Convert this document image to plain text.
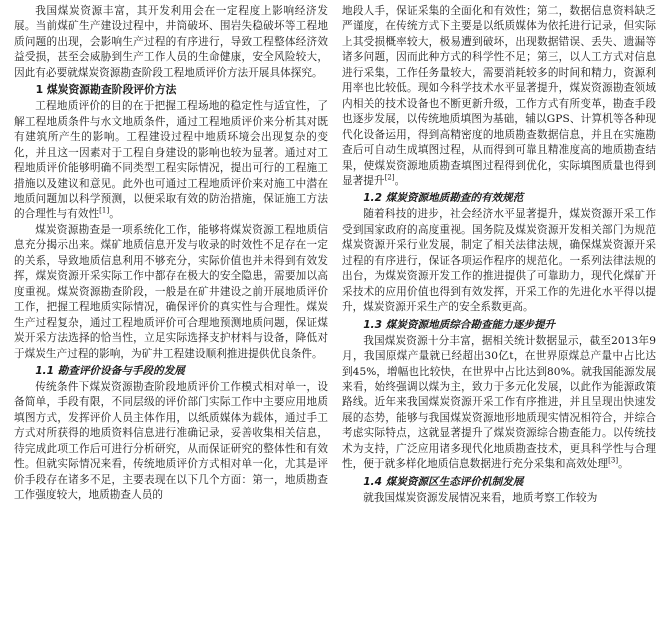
我国煤炭资源丰富，其开发利用会在一定程度上影响经济发展。当前煤矿生产建设过程中，井筒破坏、围岩失稳破坏等工程地质问题的出现，会影响生产过程的有序进行，导致工程整体经济效益受损，甚至会威胁到生产工作人员的生命健康，安全风险较大，因此有必要就煤炭资源勘查阶段工程地质评价方法开展具体探究。

1 煤炭资源勘查阶段评价方法

工程地质评价的目的在于把握工程场地的稳定性与适宜性，了解工程地质条件与水文地质条件，通过工程地质评价来分析其对既有建筑所产生的影响。工程建设过程中地质环境会出现复杂的变化，并且这一因素对于工程自身建设的影响也较为显著。通过对工程地质评价能够明确不同类型工程实际情况，提出可行的工程施工措施以及建议和意见。此外也可通过工程地质评价来对施工中潜在地质问题加以科学预测，以便采取有效的防治措施，保证施工方法的合理性与有效性[1]。

煤炭资源勘查是一项系统化工作，能够将煤炭资源工程地质信息充分揭示出来。煤矿地质信息开发与收录的时效性不足存在一定的关系，导致地质信息利用不够充分，实际价值也并未得到有效发挥，煤炭资源开采实际工作中都存在极大的安全隐患，需要加以高度重视。煤炭资源勘查阶段，一般是在矿井建设之前开展地质评价工作，把握工程地质实际情况，确保评价的真实性与合理性。煤炭生产过程复杂，通过工程地质评价可合理地预测地质问题，保证煤炭开采方法选择的恰当性，立足实际选择支护材料与设备，降低对于煤炭生产过程的影响，为矿井工程建设顺利推进提供优良条件。

1.1 勘查评价设备与手段的发展

传统条件下煤炭资源勘查阶段地质评价工作模式相对单一，设备简单，手段有限，不同层级的评价部门实际工作中主要应用地质填图方式，发挥评价人员主体作用，以纸质媒体为载体，通过手工方式对所获得的地质资料信息进行准确记录，妥善收集相关信息，待完成此项工作后可进行分析研究，从而保证研究的整体性和有效性。但就实际情况来看，传统地质评价方式相对单一化，尤其是评价手段存在诸多不足，主要表现在以下几个方面：第一，地质勘查工作强度较大，地质勘查人员的

地段人手，保证采集的全面化和有效性；第二，数据信息资料缺乏严谨度，在传统方式下主要是以纸质媒体为依托进行记录，但实际上其受损概率较大，极易遭到破坏，出现数据错误、丢失、遗漏等诸多问题，因而此种方式的科学性不足；第三，以人工方式对信息进行采集，工作任务量较大，需要消耗较多的时间和精力，资源利用率也比较低。现如今科学技术水平显著提升，煤炭资源勘查领域内相关的技术设备也不断更新升级，工作方式有所变革，勘查手段也逐步发展，以传统地质填图为基础，辅以GPS、计算机等各种现代化设备运用，得到高精密度的地质勘查数据信息，并且在实施勘查后可自动生成填图过程，从而得到可靠且精准度高的地质勘查结果，使煤炭资源地质勘查填图过程得到优化，实际填图质量也得到显著提升[2]。

1.2 煤炭资源地质勘查的有效规范

随着科技的进步，社会经济水平显著提升，煤炭资源开采工作受到国家政府的高度重视。国务院及煤炭资源开发相关部门为规范煤炭资源开采行业发展，制定了相关法律法规，确保煤炭资源开采过程的有序进行，保证各项运作程序的规范化。一系列法律法规的出台，为煤炭资源开发工作的推进提供了可靠助力，现代化煤矿开采技术的应用价值也得到有效发挥，开采工作的先进化水平得以提升，煤炭资源开采生产的安全系数更高。

1.3 煤炭资源地质综合勘查能力逐步提升

我国煤炭资源十分丰富，据相关统计数据显示，截至2013年9月，我国原煤产量就已经超出30亿t，在世界原煤总产量中占比达到45%，增幅也比较快，在世界中占比达到80%。就我国能源发展来看，始终强调以煤为主，致力于多元化发展，以此作为能源政策路线。近年来我国煤炭资源开采工作有序推进，并且呈现出快速发展的态势，能够与我国煤炭资源地形地质现实情况相符合，并综合考虑实际特点，这就显著提升了煤炭资源综合勘查能力。以传统技术为支持，广泛应用诸多现代化地质勘查技术，更具科学性与合理性，便于就多样化地质信息数据进行充分采集和高效处理[3]。

1.4 煤炭资源区生态评价机制发展

就我国煤炭资源发展情况来看，地质考察工作较为
